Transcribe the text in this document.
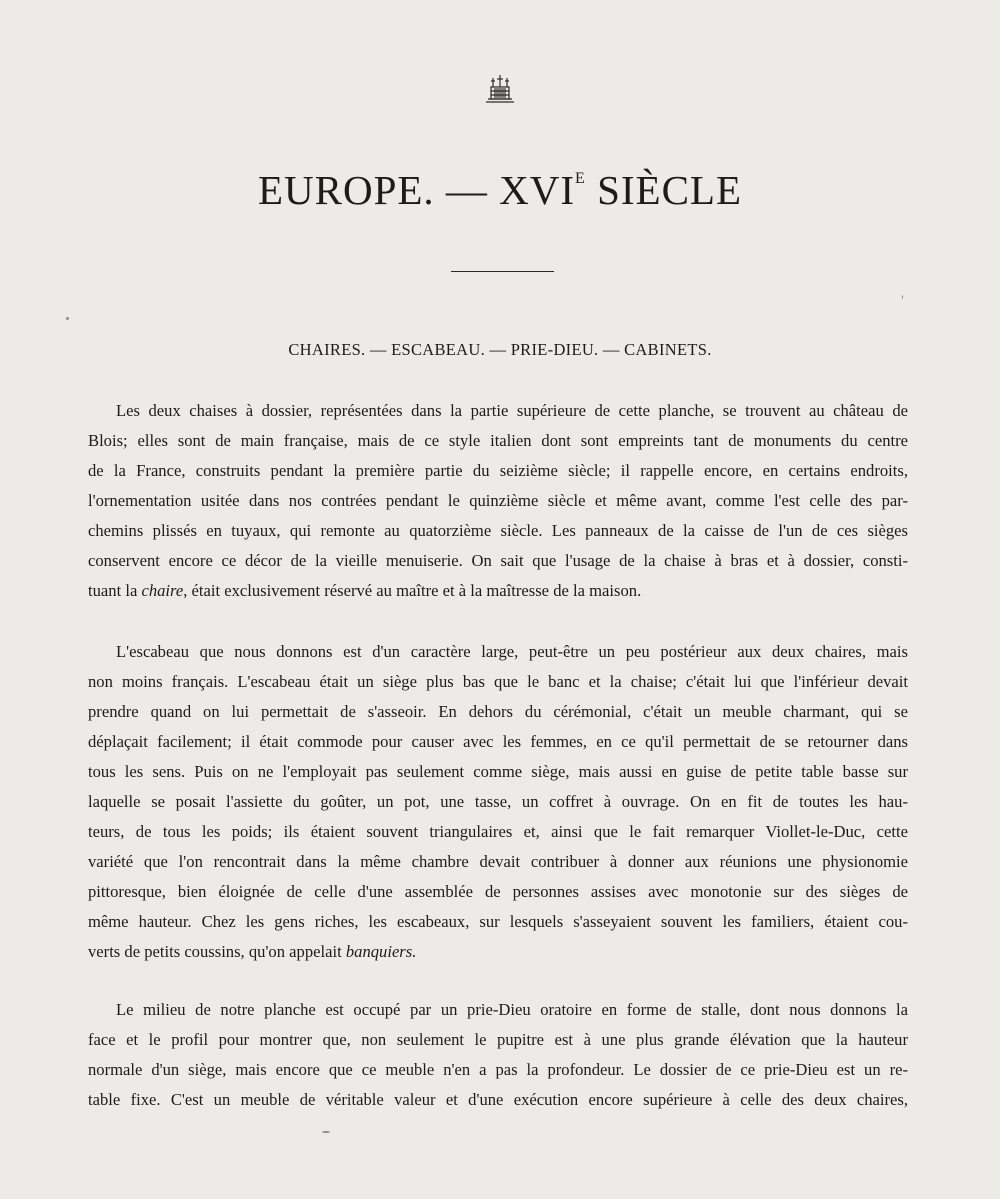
EUROPE. — $XVI^E$ SIÈCLE
CHAIRES. — ESCABEAU. — PRIE-DIEU. — CABINETS.

Les deux chaises à dossier, représentées dans la partie supérieure de cette planche, se trouvent au château de
Blois; elles sont de main française, mais de ce style italien dont sont empreints tant de monuments du centre
de la France, construits pendant la première partie du seizième siècle; il rappelle encore, en certains endroits,
l'ornementation usitée dans nos contrées pendant le quinzième siècle et même avant, comme l'est celle des par-
chemins plissés en tuyaux, qui remonte au quatorzième siècle. Les panneaux de la caisse de l'un de ces sièges
conservent encore ce décor de la vieille menuiserie. On sait que l'usage de la chaise à bras et à dossier, consti-
tuant la chaire, était exclusivement réservé au maître et à la maîtresse de la maison.

L'escabeau que nous donnons est d'un caractère large, peut-être un peu postérieur aux deux chaires, mais
non moins français. L'escabeau était un siège plus bas que le banc et la chaise; c'était lui que l'inférieur devait
prendre quand on lui permettait de s'asseoir. En dehors du cérémonial, c'était un meuble charmant, qui se
déplaçait facilement; il était commode pour causer avec les femmes, en ce qu'il permettait de se retourner dans
tous les sens. Puis on ne l'employait pas seulement comme siège, mais aussi en guise de petite table basse sur
laquelle se posait l'assiette du goûter, un pot, une tasse, un coffret à ouvrage. On en fit de toutes les hau-
teurs, de tous les poids; ils étaient souvent triangulaires et, ainsi que le fait remarquer Viollet-le-Duc, cette
variété que l'on rencontrait dans la même chambre devait contribuer à donner aux réunions une physionomie
pittoresque, bien éloignée de celle d'une assemblée de personnes assises avec monotonie sur des sièges de
même hauteur. Chez les gens riches, les escabeaux, sur lesquels s'asseyaient souvent les familiers, étaient cou-
verts de petits coussins, qu'on appelait banquiers.

Le milieu de notre planche est occupé par un prie-Dieu oratoire en forme de stalle, dont nous donnons la
face et le profil pour montrer que, non seulement le pupitre est à une plus grande élévation que la hauteur
normale d'un siège, mais encore que ce meuble n'en a pas la profondeur. Le dossier de ce prie-Dieu est un re-
table fixe. C'est un meuble de véritable valeur et d'une exécution encore supérieure à celle des deux chaires,
